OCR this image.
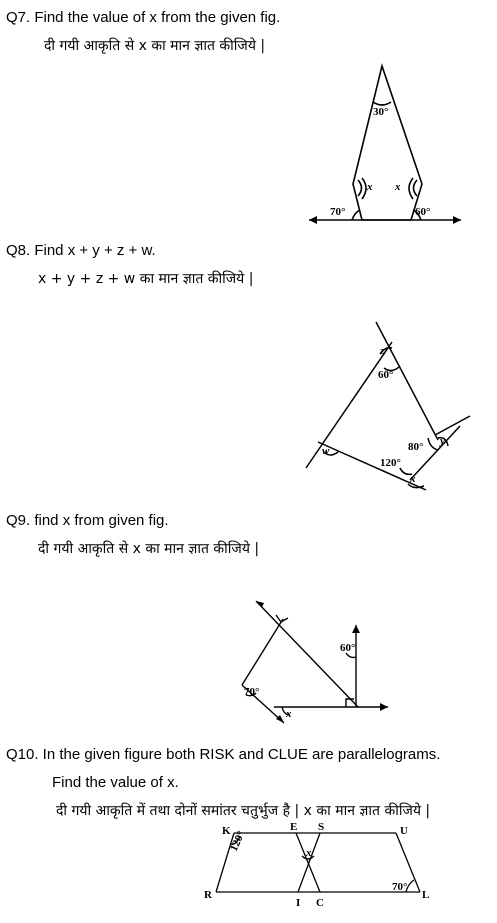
Q7. Find the value of x from the given fig.
दी गयी आकृति से x का मान ज्ञात कीजिये |
30°
x x
70°	60°
Q8. Find x + y + z + w.
x + y + z + w का मान ज्ञात कीजिये |
z
60°
80° y
w
120°
x
Q9. find x from given fig.
दी गयी आकृति से x का मान ज्ञात कीजिये |
60°
70°
x
Q10. In the given figure both RISK and CLUE are parallelograms.
Find the value of x.
दी गयी आकृति में तथा दोनों समांतर चतुर्भुज है | x का मान ज्ञात कीजिये |
K	E S	U
R
I C
L
120°	x
70°
